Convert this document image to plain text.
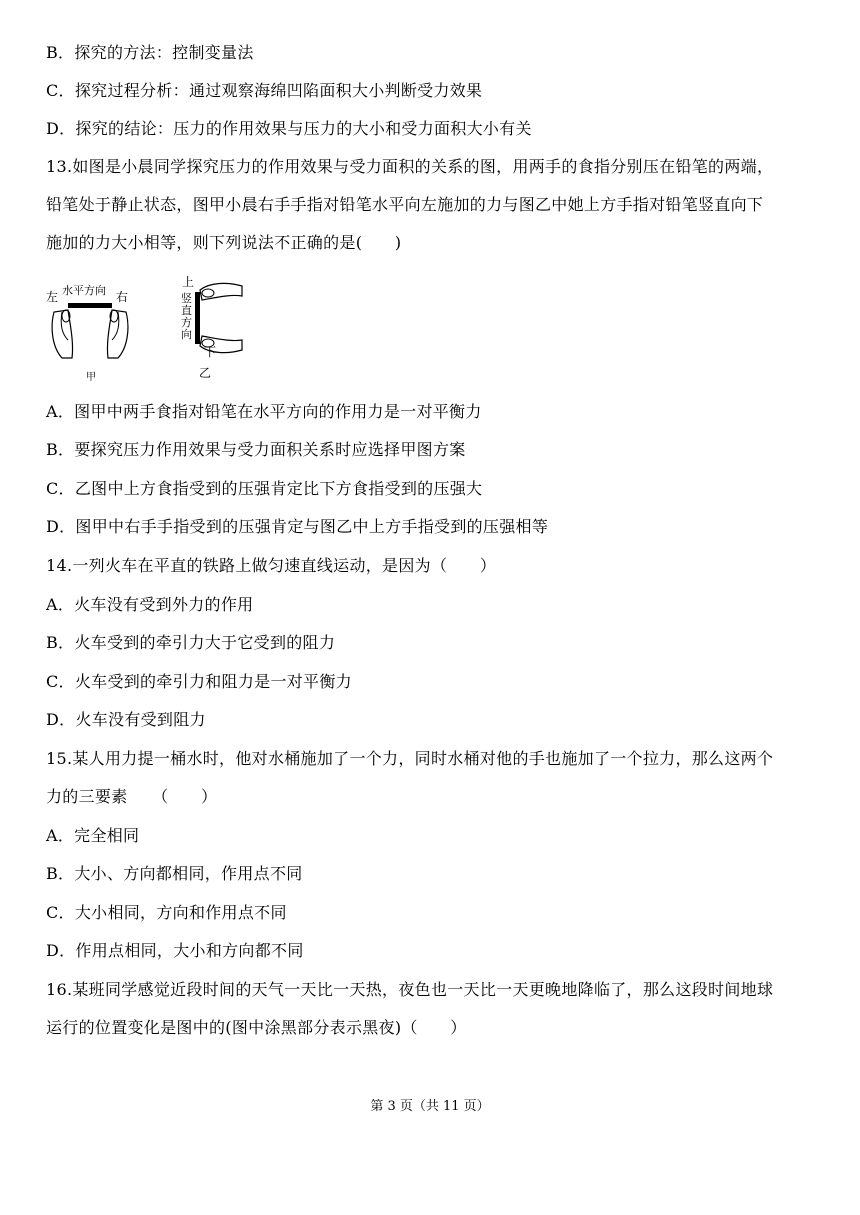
B．探究的方法：控制变量法
C．探究过程分析：通过观察海绵凹陷面积大小判断受力效果
D．探究的结论：压力的作用效果与压力的大小和受力面积大小有关
13.如图是小晨同学探究压力的作用效果与受力面积的关系的图，用两手的食指分别压在铅笔的两端，
铅笔处于静止状态，图甲小晨右手手指对铅笔水平向左施加的力与图乙中她上方手指对铅笔竖直向下
施加的力大小相等，则下列说法不正确的是(　　)
左 水平方向 右
甲
上
竖
直
方
向
下
乙
A．图甲中两手食指对铅笔在水平方向的作用力是一对平衡力
B．要探究压力作用效果与受力面积关系时应选择甲图方案
C．乙图中上方食指受到的压强肯定比下方食指受到的压强大
D．图甲中右手手指受到的压强肯定与图乙中上方手指受到的压强相等
14.一列火车在平直的铁路上做匀速直线运动，是因为（　　）
A．火车没有受到外力的作用
B．火车受到的牵引力大于它受到的阻力
C．火车受到的牵引力和阻力是一对平衡力
D．火车没有受到阻力
15.某人用力提一桶水时，他对水桶施加了一个力，同时水桶对他的手也施加了一个拉力，那么这两个
力的三要素　　（　　）
A．完全相同
B．大小、方向都相同，作用点不同
C．大小相同，方向和作用点不同
D．作用点相同，大小和方向都不同
16.某班同学感觉近段时间的天气一天比一天热，夜色也一天比一天更晚地降临了，那么这段时间地球
运行的位置变化是图中的(图中涂黑部分表示黑夜)（　　）
第 3 页（共 11 页）
